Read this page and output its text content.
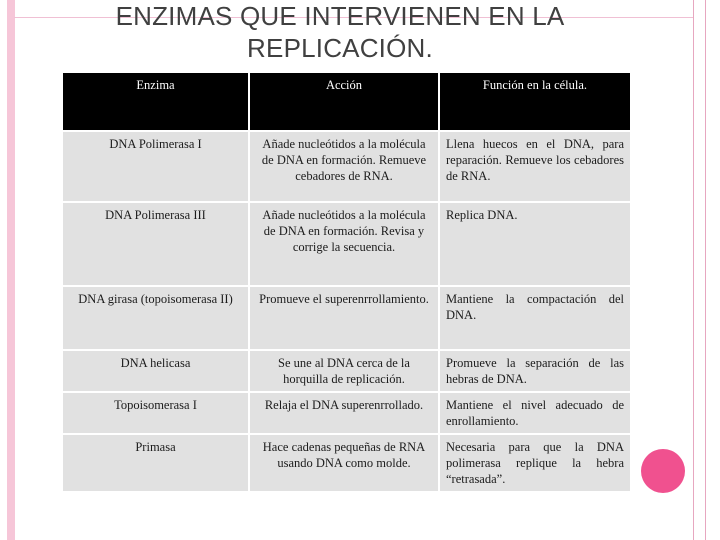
ENZIMAS QUE INTERVIENEN EN LA
REPLICACIÓN.
Enzima	Acción	Función en la célula.
DNA Polimerasa I	Añade nucleótidos a la molécula de DNA en formación. Remueve cebadores de RNA.	Llena huecos en el DNA, para reparación. Remueve los cebadores de RNA.
DNA Polimerasa III	Añade nucleótidos a la molécula de DNA en formación. Revisa y corrige la secuencia.	Replica DNA.
DNA girasa (topoisomerasa II)	Promueve el superenrrollamiento.	Mantiene la compactación del DNA.
DNA helicasa	Se une al DNA cerca de la horquilla de replicación.	Promueve la separación de las hebras de DNA.
Topoisomerasa I	Relaja el DNA superenrrollado.	Mantiene el nivel adecuado de enrollamiento.
Primasa	Hace cadenas pequeñas de RNA usando DNA como molde.	Necesaria para que la DNA polimerasa replique la hebra “retrasada”.
